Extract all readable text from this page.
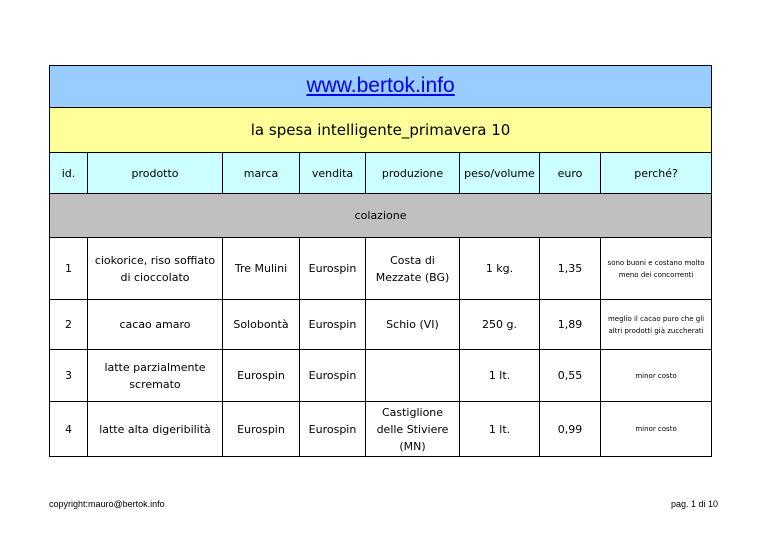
www.bertok.info							
la spesa intelligente_primavera 10							
id.	prodotto	marca	vendita	produzione	peso/volume	euro	perché?
colazione							
1	ciokorice, riso soffiato di cioccolato	Tre Mulini	Eurospin	Costa di Mezzate (BG)	1 kg.	1,35	sono buoni e costano molto meno dei concorrenti
2	cacao amaro	Solobontà	Eurospin	Schio (VI)	250 g.	1,89	meglio il cacao puro che gli altri prodotti già zuccherati
3	latte parzialmente scremato	Eurospin	Eurospin		1 lt.	0,55	minor costo
4	latte alta digeribilità	Eurospin	Eurospin	Castiglione delle Stiviere (MN)	1 lt.	0,99	minor costo
copyright:mauro@bertok.info	pag. 1 di 10
